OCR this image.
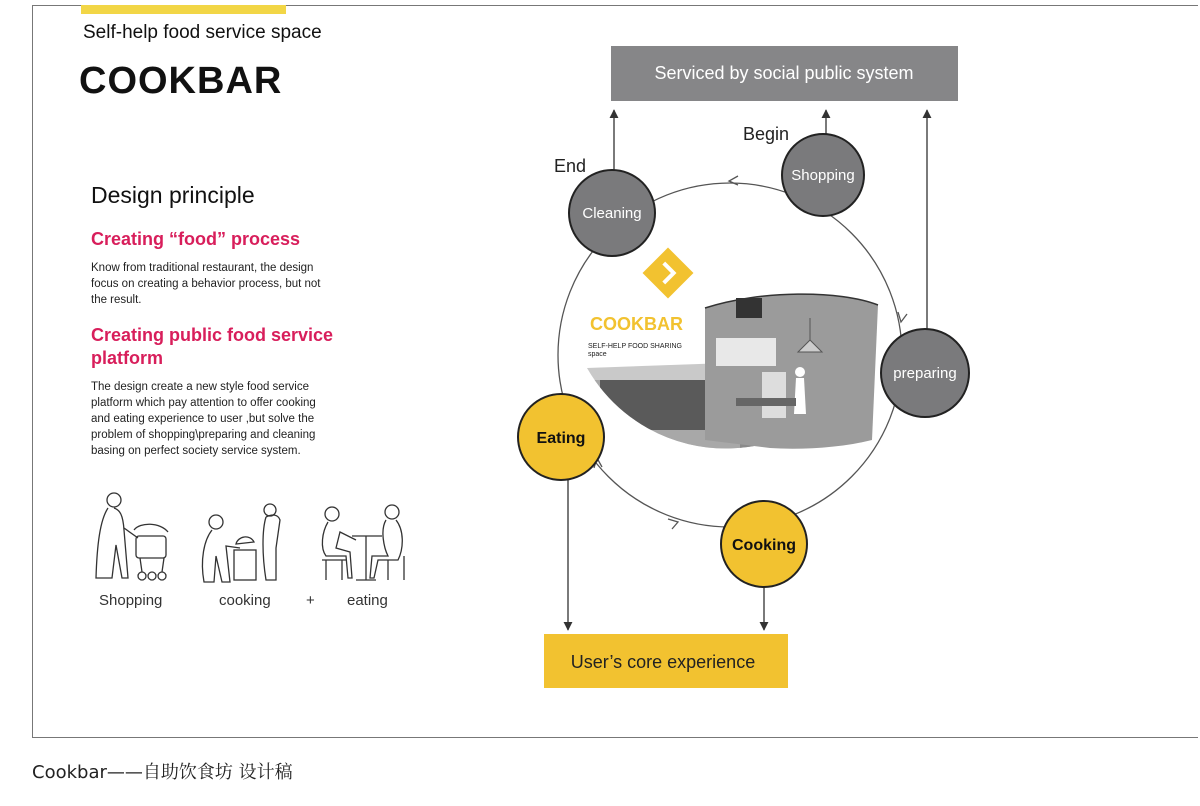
Self-help food service space
COOKBAR
Design principle
Creating “food” process
Know from traditional restaurant, the design
focus on creating a behavior process, but not
the result.
Creating public food service
platform
The design create a new style food service
platform which pay attention to offer cooking
and eating experience to user ,but solve the
problem of shopping\preparing and cleaning
basing on perfect society service system.
Shopping	cooking + eating
COOKBAR
SELF-HELP FOOD SHARING
space
Serviced by social public system
User’s core experience
Begin
End	Shopping
Cleaning
preparing
Eating
Cooking
Cookbar——自助饮食坊 设计稿
